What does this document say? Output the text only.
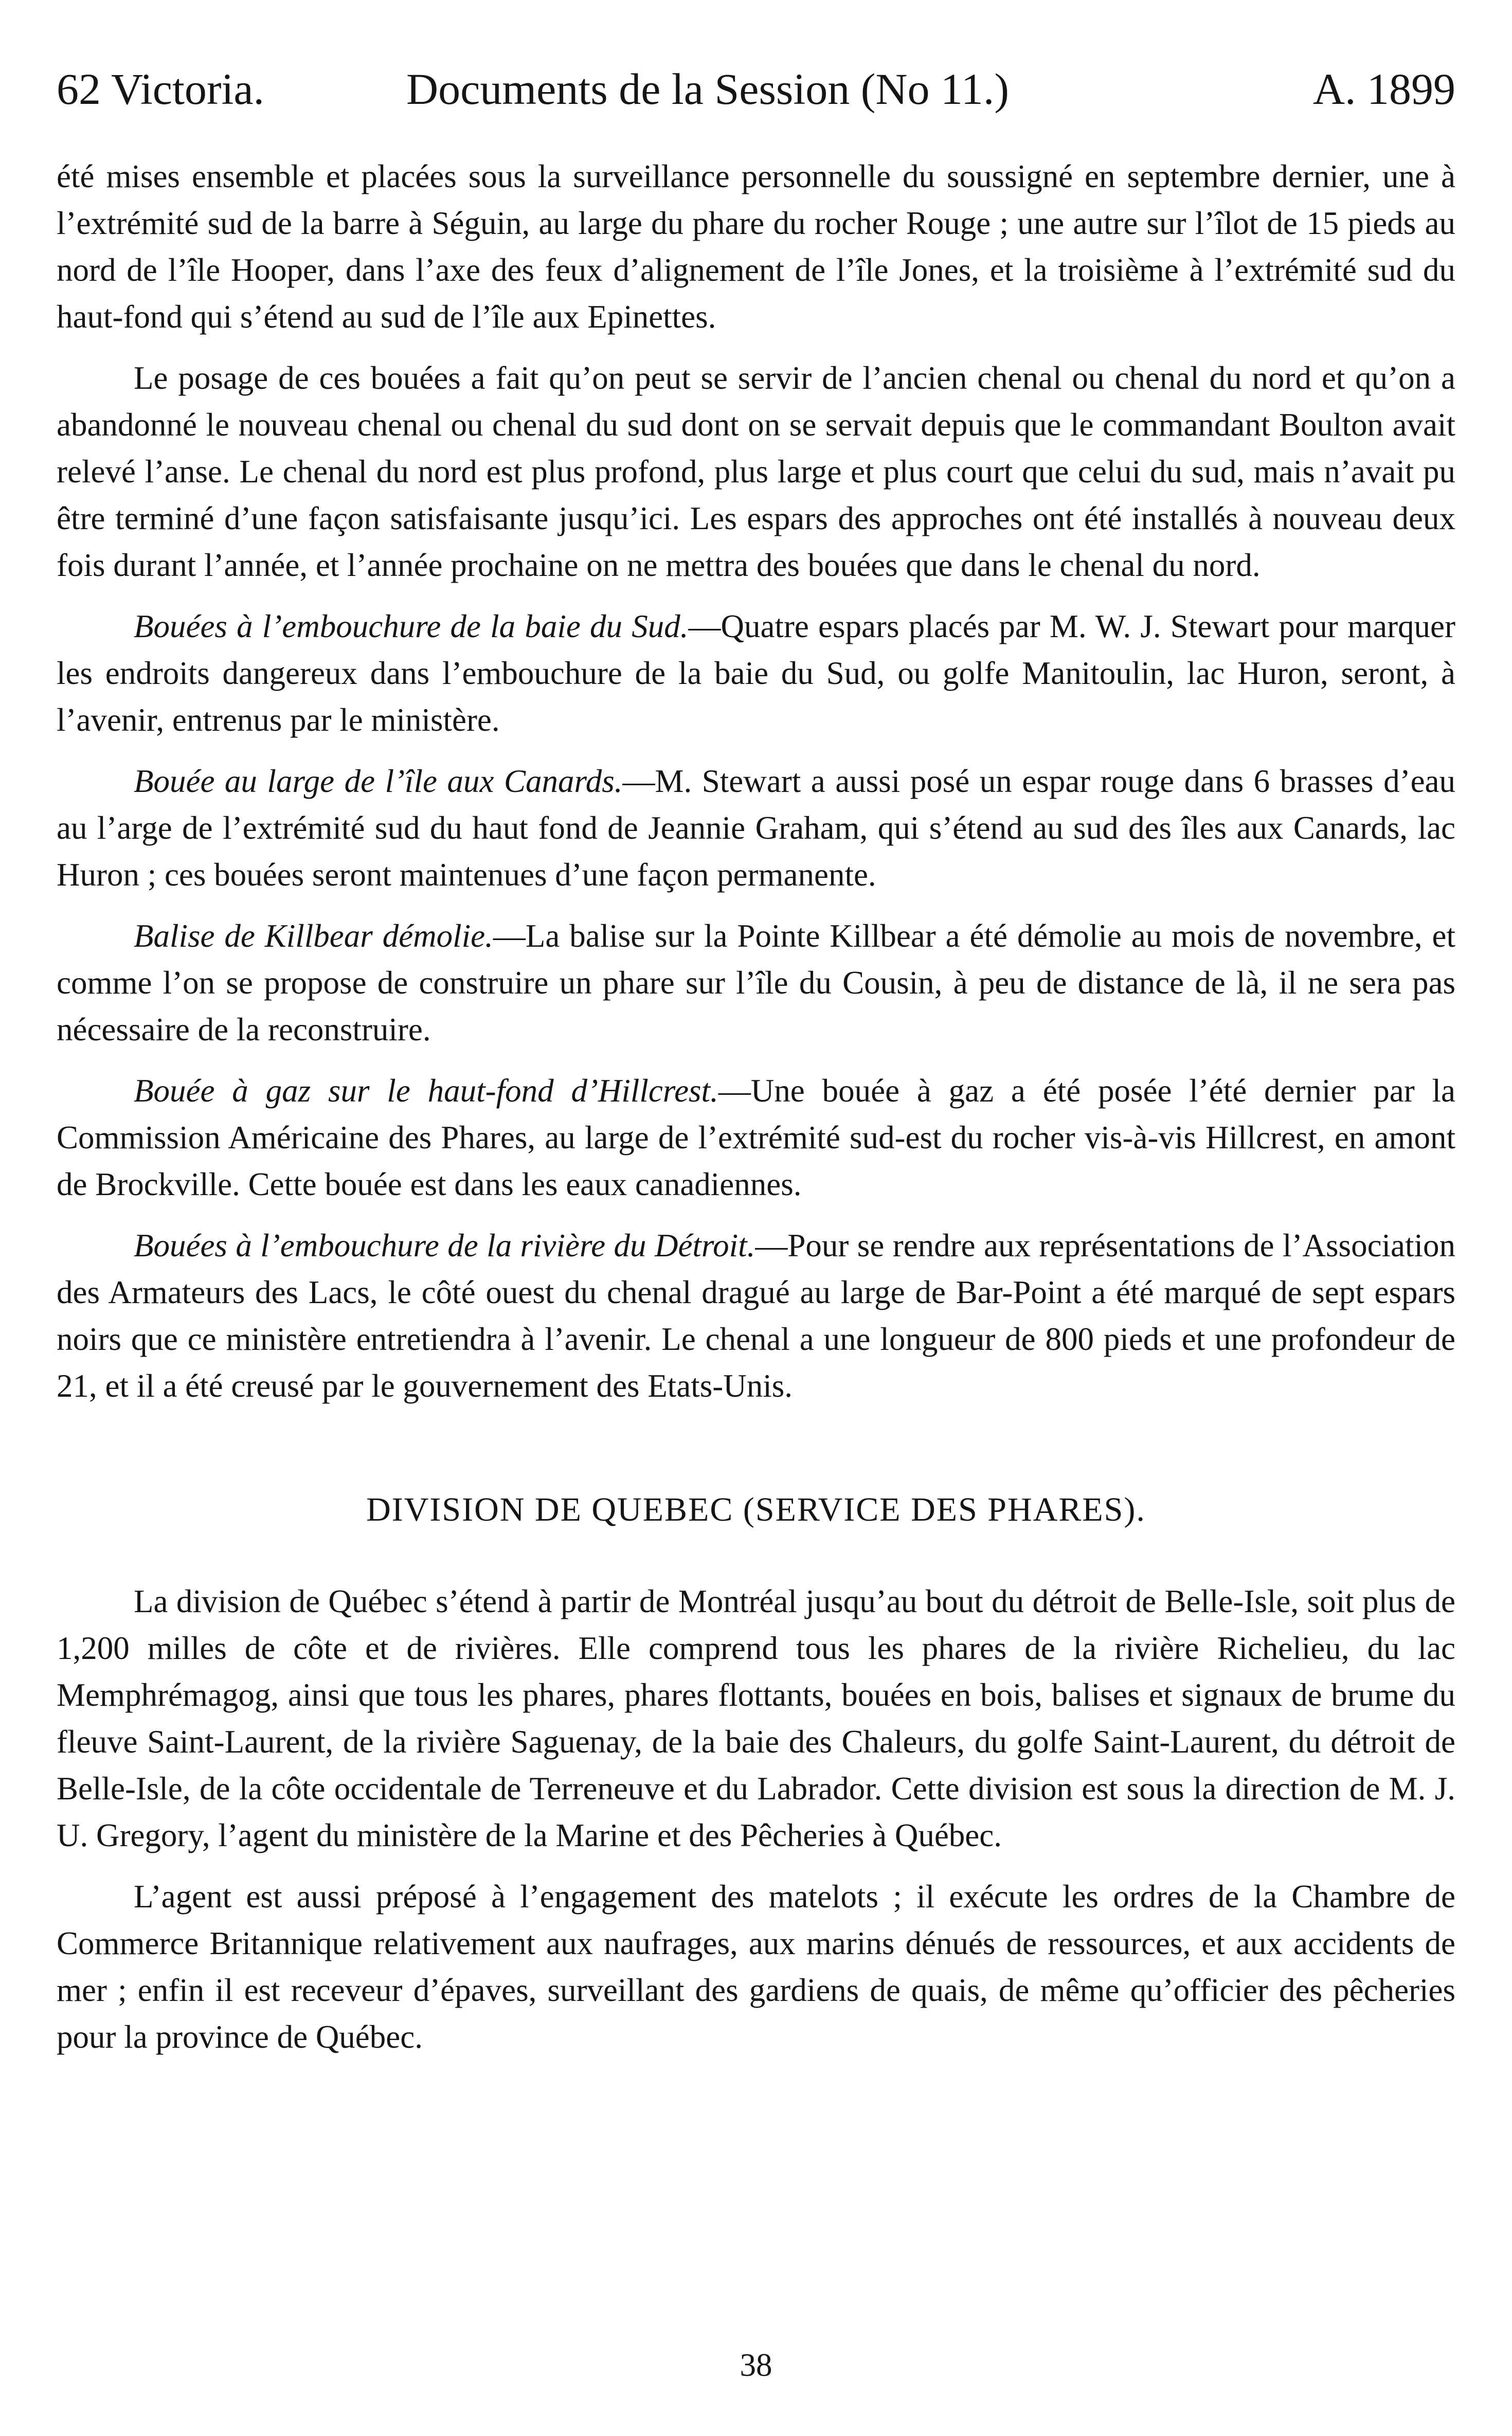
62 Victoria.	Documents de la Session (No 11.)	A. 1899

été mises ensemble et placées sous la surveillance personnelle du soussigné en septembre dernier, une à l’extrémité sud de la barre à Séguin, au large du phare du rocher Rouge ; une autre sur l’îlot de 15 pieds au nord de l’île Hooper, dans l’axe des feux d’alignement de l’île Jones, et la troisième à l’extrémité sud du haut-fond qui s’étend au sud de l’île aux Epinettes.

Le posage de ces bouées a fait qu’on peut se servir de l’ancien chenal ou chenal du nord et qu’on a abandonné le nouveau chenal ou chenal du sud dont on se servait depuis que le commandant Boulton avait relevé l’anse. Le chenal du nord est plus profond, plus large et plus court que celui du sud, mais n’avait pu être terminé d’une façon satisfaisante jusqu’ici. Les espars des approches ont été installés à nouveau deux fois durant l’année, et l’année prochaine on ne mettra des bouées que dans le chenal du nord.

Bouées à l’embouchure de la baie du Sud.—Quatre espars placés par M. W. J. Stewart pour marquer les endroits dangereux dans l’embouchure de la baie du Sud, ou golfe Manitoulin, lac Huron, seront, à l’avenir, entrenus par le ministère.

Bouée au large de l’île aux Canards.—M. Stewart a aussi posé un espar rouge dans 6 brasses d’eau au l’arge de l’extrémité sud du haut fond de Jeannie Graham, qui s’étend au sud des îles aux Canards, lac Huron ; ces bouées seront maintenues d’une façon permanente.

Balise de Killbear démolie.—La balise sur la Pointe Killbear a été démolie au mois de novembre, et comme l’on se propose de construire un phare sur l’île du Cousin, à peu de distance de là, il ne sera pas nécessaire de la reconstruire.

Bouée à gaz sur le haut-fond d’Hillcrest.—Une bouée à gaz a été posée l’été dernier par la Commission Américaine des Phares, au large de l’extrémité sud-est du rocher vis-à-vis Hillcrest, en amont de Brockville. Cette bouée est dans les eaux canadiennes.

Bouées à l’embouchure de la rivière du Détroit.—Pour se rendre aux représentations de l’Association des Armateurs des Lacs, le côté ouest du chenal dragué au large de Bar-Point a été marqué de sept espars noirs que ce ministère entretiendra à l’avenir. Le chenal a une longueur de 800 pieds et une profondeur de 21, et il a été creusé par le gouvernement des Etats-Unis.

DIVISION DE QUEBEC (SERVICE DES PHARES).

La division de Québec s’étend à partir de Montréal jusqu’au bout du détroit de Belle-Isle, soit plus de 1,200 milles de côte et de rivières. Elle comprend tous les phares de la rivière Richelieu, du lac Memphrémagog, ainsi que tous les phares, phares flottants, bouées en bois, balises et signaux de brume du fleuve Saint-Laurent, de la rivière Saguenay, de la baie des Chaleurs, du golfe Saint-Laurent, du détroit de Belle-Isle, de la côte occidentale de Terreneuve et du Labrador. Cette division est sous la direction de M. J. U. Gregory, l’agent du ministère de la Marine et des Pêcheries à Québec.

L’agent est aussi préposé à l’engagement des matelots ; il exécute les ordres de la Chambre de Commerce Britannique relativement aux naufrages, aux marins dénués de ressources, et aux accidents de mer ; enfin il est receveur d’épaves, surveillant des gardiens de quais, de même qu’officier des pêcheries pour la province de Québec.

38
